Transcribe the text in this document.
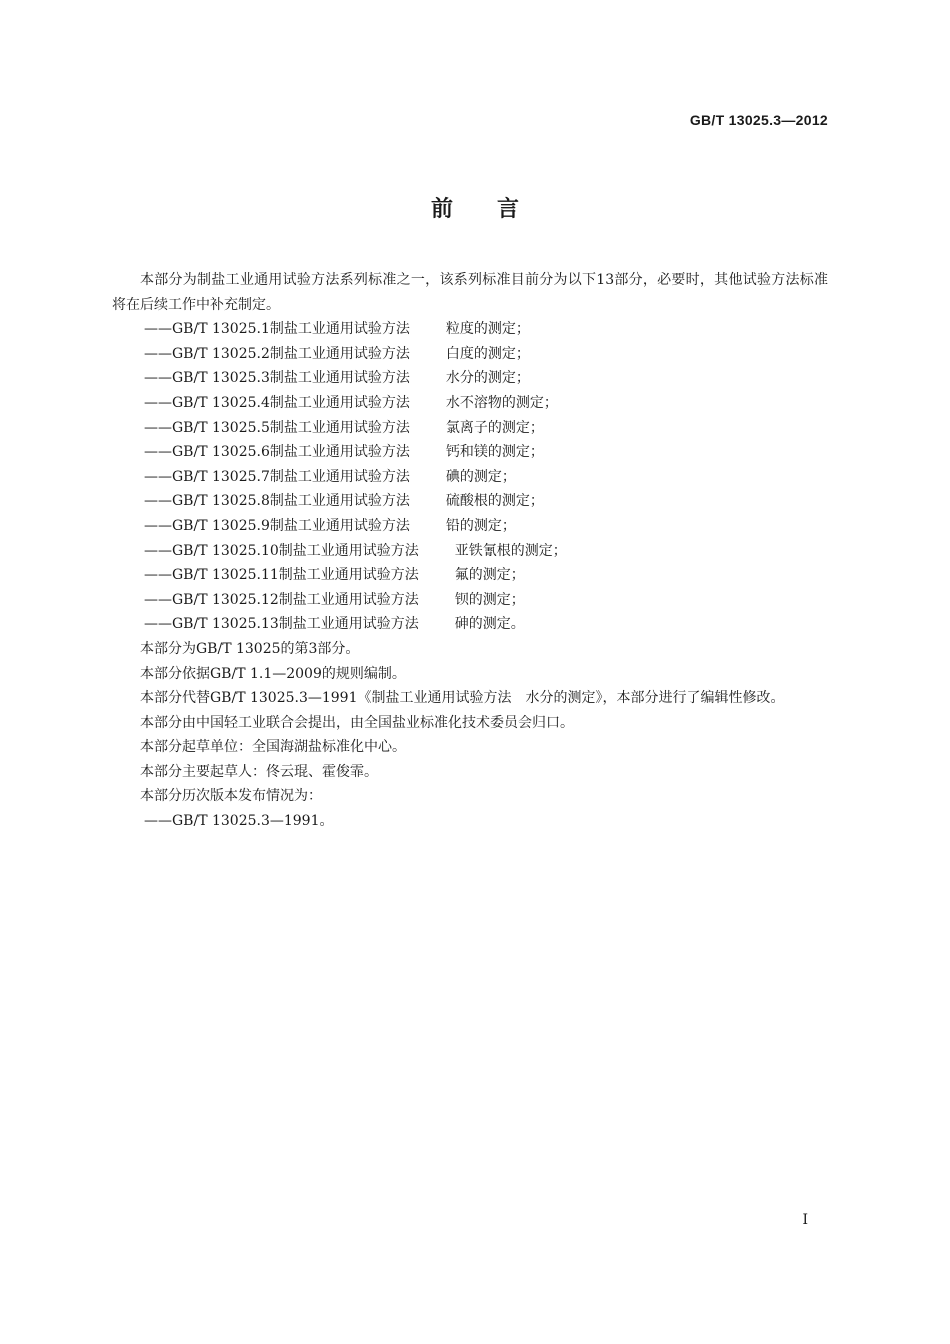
GB/T 13025.3—2012
前 言

本部分为制盐工业通用试验方法系列标准之一，该系列标准目前分为以下13部分，必要时，其他试验方法标准将在后续工作中补充制定。

——GB/T 13025.1制盐工业通用试验方法	粒度的测定；

——GB/T 13025.2制盐工业通用试验方法	白度的测定；

——GB/T 13025.3制盐工业通用试验方法	水分的测定；

——GB/T 13025.4制盐工业通用试验方法	水不溶物的测定；

——GB/T 13025.5制盐工业通用试验方法	氯离子的测定；

——GB/T 13025.6制盐工业通用试验方法	钙和镁的测定；

——GB/T 13025.7制盐工业通用试验方法	碘的测定；

——GB/T 13025.8制盐工业通用试验方法	硫酸根的测定；

——GB/T 13025.9制盐工业通用试验方法	铅的测定；

——GB/T 13025.10制盐工业通用试验方法	亚铁氰根的测定；

——GB/T 13025.11制盐工业通用试验方法	氟的测定；

——GB/T 13025.12制盐工业通用试验方法	钡的测定；

——GB/T 13025.13制盐工业通用试验方法	砷的测定。

本部分为GB/T 13025的第3部分。

本部分依据GB/T 1.1—2009的规则编制。

本部分代替GB/T 13025.3—1991《制盐工业通用试验方法　水分的测定》，本部分进行了编辑性修改。

本部分由中国轻工业联合会提出，由全国盐业标准化技术委员会归口。

本部分起草单位：全国海湖盐标准化中心。

本部分主要起草人：佟云琨、霍俊霏。

本部分历次版本发布情况为：

——GB/T 13025.3—1991。

I
